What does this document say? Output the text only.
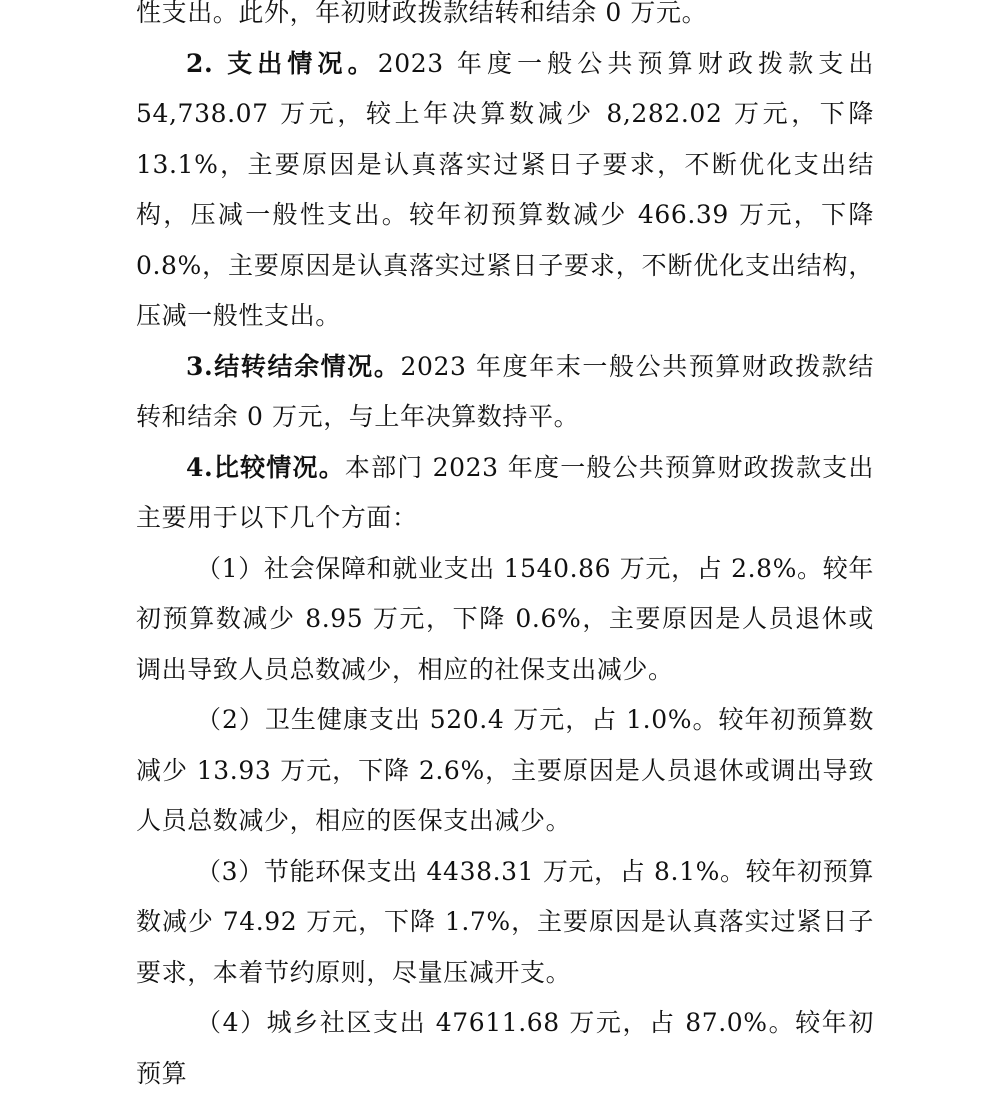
性支出。此外，年初财政拨款结转和结余 0 万元。

2. 支出情况。2023 年度一般公共预算财政拨款支出 54,738.07 万元，较上年决算数减少 8,282.02 万元，下降 13.1%，主要原因是认真落实过紧日子要求，不断优化支出结构，压减一般性支出。较年初预算数减少 466.39 万元，下降 0.8%，主要原因是认真落实过紧日子要求，不断优化支出结构，压减一般性支出。

3.结转结余情况。2023 年度年末一般公共预算财政拨款结转和结余 0 万元，与上年决算数持平。

4.比较情况。本部门 2023 年度一般公共预算财政拨款支出主要用于以下几个方面：

（1）社会保障和就业支出 1540.86 万元，占 2.8%。较年初预算数减少 8.95 万元，下降 0.6%，主要原因是人员退休或调出导致人员总数减少，相应的社保支出减少。

（2）卫生健康支出 520.4 万元，占 1.0%。较年初预算数减少 13.93 万元，下降 2.6%，主要原因是人员退休或调出导致人员总数减少，相应的医保支出减少。

（3）节能环保支出 4438.31 万元，占 8.1%。较年初预算数减少 74.92 万元，下降 1.7%，主要原因是认真落实过紧日子要求，本着节约原则，尽量压减开支。

（4）城乡社区支出 47611.68 万元，占 87.0%。较年初预算
